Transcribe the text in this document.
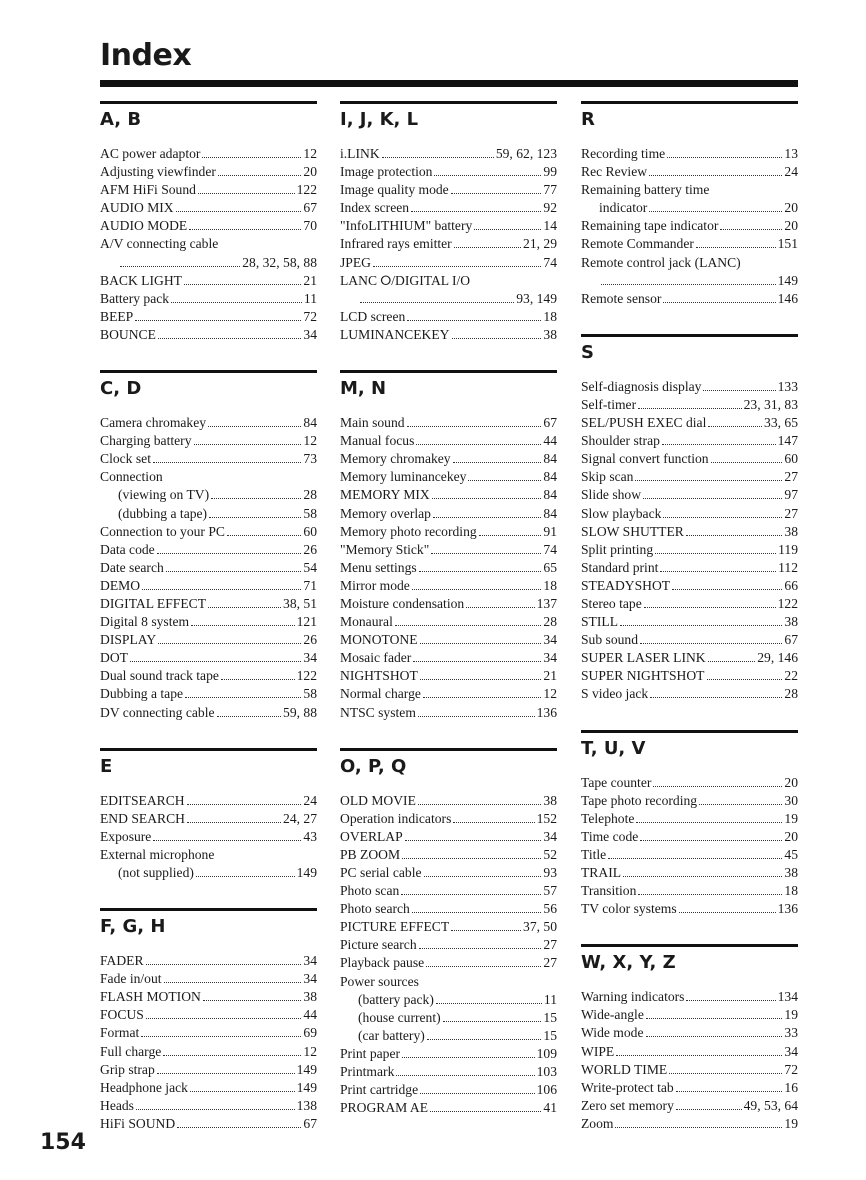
Index
A, B
AC power adaptor	12
Adjusting viewfinder	20
AFM HiFi Sound	122
AUDIO MIX	67
AUDIO MODE	70
A/V connecting cable
28, 32, 58, 88
BACK LIGHT	21
Battery pack	11
BEEP	72
BOUNCE	34
C, D
Camera chromakey	84
Charging battery	12
Clock set	73
Connection
(viewing on TV)	28
(dubbing a tape)	58
Connection to your PC	60
Data code	26
Date search	54
DEMO	71
DIGITAL EFFECT	38, 51
Digital 8 system	121
DISPLAY	26
DOT	34
Dual sound track tape	122
Dubbing a tape	58
DV connecting cable	59, 88
E
EDITSEARCH	24
END SEARCH	24, 27
Exposure	43
External microphone
(not supplied)	149
F, G, H
FADER	34
Fade in/out	34
FLASH MOTION	38
FOCUS	44
Format	69
Full charge	12
Grip strap	149
Headphone jack	149
Heads	138
HiFi SOUND	67
I, J, K, L
i.LINK	59, 62, 123
Image protection	99
Image quality mode	77
Index screen	92
"InfoLITHIUM" battery	14
Infrared rays emitter	21, 29
JPEG	74
LANC ⭘/DIGITAL I/O
93, 149
LCD screen	18
LUMINANCEKEY	38
M, N
Main sound	67
Manual focus	44
Memory chromakey	84
Memory luminancekey	84
MEMORY MIX	84
Memory overlap	84
Memory photo recording	91
"Memory Stick"	74
Menu settings	65
Mirror mode	18
Moisture condensation	137
Monaural	28
MONOTONE	34
Mosaic fader	34
NIGHTSHOT	21
Normal charge	12
NTSC system	136
O, P, Q
OLD MOVIE	38
Operation indicators	152
OVERLAP	34
PB ZOOM	52
PC serial cable	93
Photo scan	57
Photo search	56
PICTURE EFFECT	37, 50
Picture search	27
Playback pause	27
Power sources
(battery pack)	11
(house current)	15
(car battery)	15
Print paper	109
Printmark	103
Print cartridge	106
PROGRAM AE	41
R
Recording time	13
Rec Review	24
Remaining battery time
indicator	20
Remaining tape indicator	20
Remote Commander	151
Remote control jack (LANC)
149
Remote sensor	146
S
Self-diagnosis display	133
Self-timer	23, 31, 83
SEL/PUSH EXEC dial	33, 65
Shoulder strap	147
Signal convert function	60
Skip scan	27
Slide show	97
Slow playback	27
SLOW SHUTTER	38
Split printing	119
Standard print	112
STEADYSHOT	66
Stereo tape	122
STILL	38
Sub sound	67
SUPER LASER LINK	29, 146
SUPER NIGHTSHOT	22
S video jack	28
T, U, V
Tape counter	20
Tape photo recording	30
Telephote	19
Time code	20
Title	45
TRAIL	38
Transition	18
TV color systems	136
W, X, Y, Z
Warning indicators	134
Wide-angle	19
Wide mode	33
WIPE	34
WORLD TIME	72
Write-protect tab	16
Zero set memory	49, 53, 64
Zoom	19
154
